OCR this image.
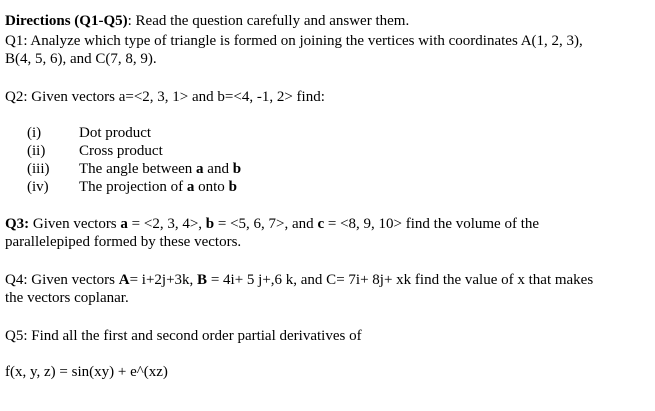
Directions (Q1-Q5): Read the question carefully and answer them.
Q1: Analyze which type of triangle is formed on joining the vertices with coordinates A(1, 2, 3),
B(4, 5, 6), and C(7, 8, 9).
Q2: Given vectors a=<2, 3, 1> and b=<4, -1, 2> find:
(i)	Dot product
(ii) Cross product
(iii) The angle between a and b
(iv) The projection of a onto b
Q3: Given vectors a = <2, 3, 4>, b = <5, 6, 7>, and c = <8, 9, 10> find the volume of the
parallelepiped formed by these vectors.
Q4: Given vectors A= i+2j+3k, B = 4i+ 5 j+,6 k, and C= 7i+ 8j+ xk find the value of x that makes
the vectors coplanar.
Q5: Find all the first and second order partial derivatives of
f(x, y, z) = sin(xy) + e^(xz)
